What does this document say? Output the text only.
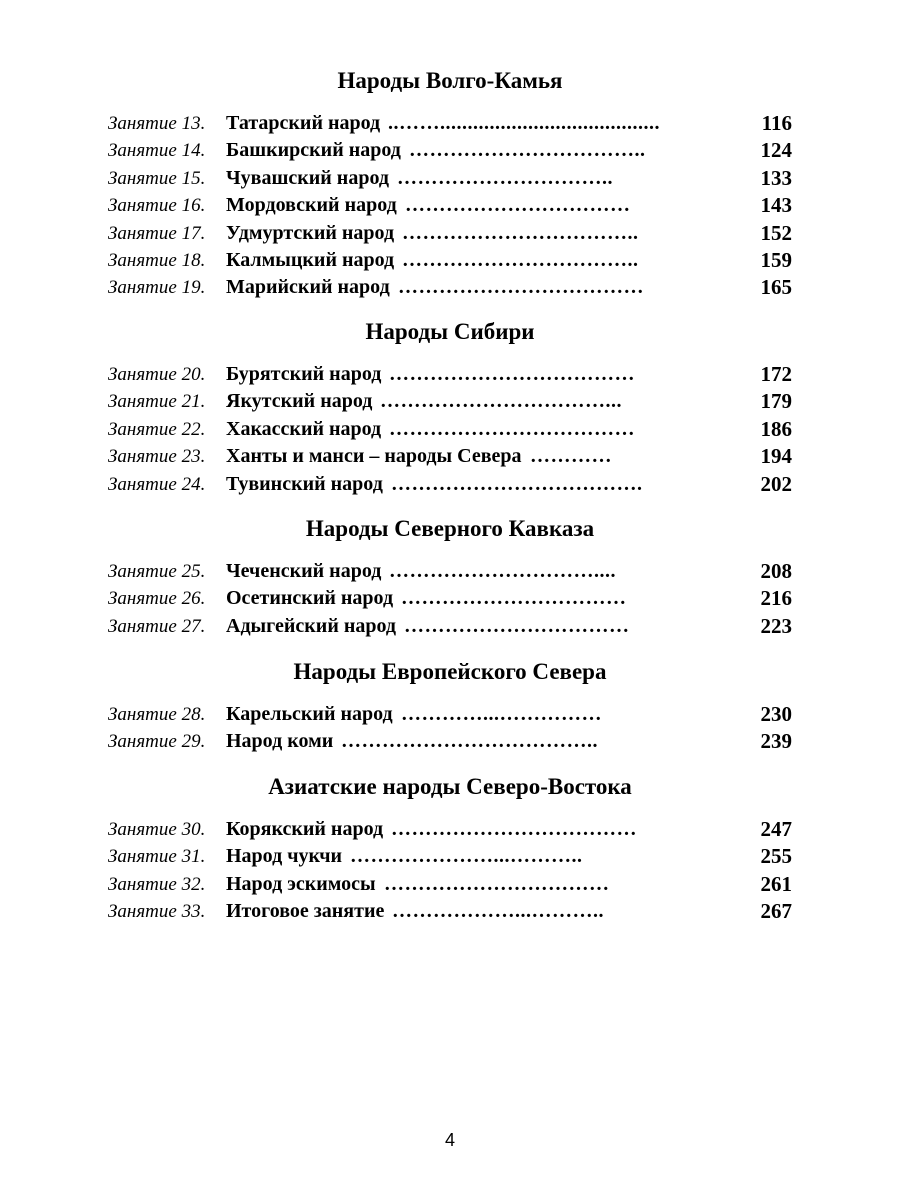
Народы Волго-Камья
Занятие 13. Татарский народ ..……........................................	116
Занятие 14. Башкирский народ ……………………………..	124
Занятие 15. Чувашский народ …………………………..	133
Занятие 16. Мордовский народ ……………………………	143
Занятие 17. Удмуртский народ ……………………………..	152
Занятие 18. Калмыцкий народ ……………………………..	159
Занятие 19. Марийский народ ………………………………	165
Народы Сибири
Занятие 20. Бурятский народ ………………………………	172
Занятие 21. Якутский народ ……………………………...	179
Занятие 22. Хакасский народ ………………………………	186
Занятие 23. Ханты и манси – народы Севера …………	194
Занятие 24. Тувинский народ ……………………………….	202
Народы Северного Кавказа
Занятие 25. Чеченский народ …………………………....	208
Занятие 26. Осетинский народ ……………………………	216
Занятие 27. Адыгейский народ ……………………………	223
Народы Европейского Севера
Занятие 28. Карельский народ …………...……………	230
Занятие 29. Народ коми ………………………………..	239
Азиатские народы Северо-Востока
Занятие 30. Корякский народ ………………………………	247
Занятие 31. Народ чукчи …………………...………..	255
Занятие 32. Народ эскимосы ……………………………	261
Занятие 33. Итоговое занятие ………………...………..	267
4
